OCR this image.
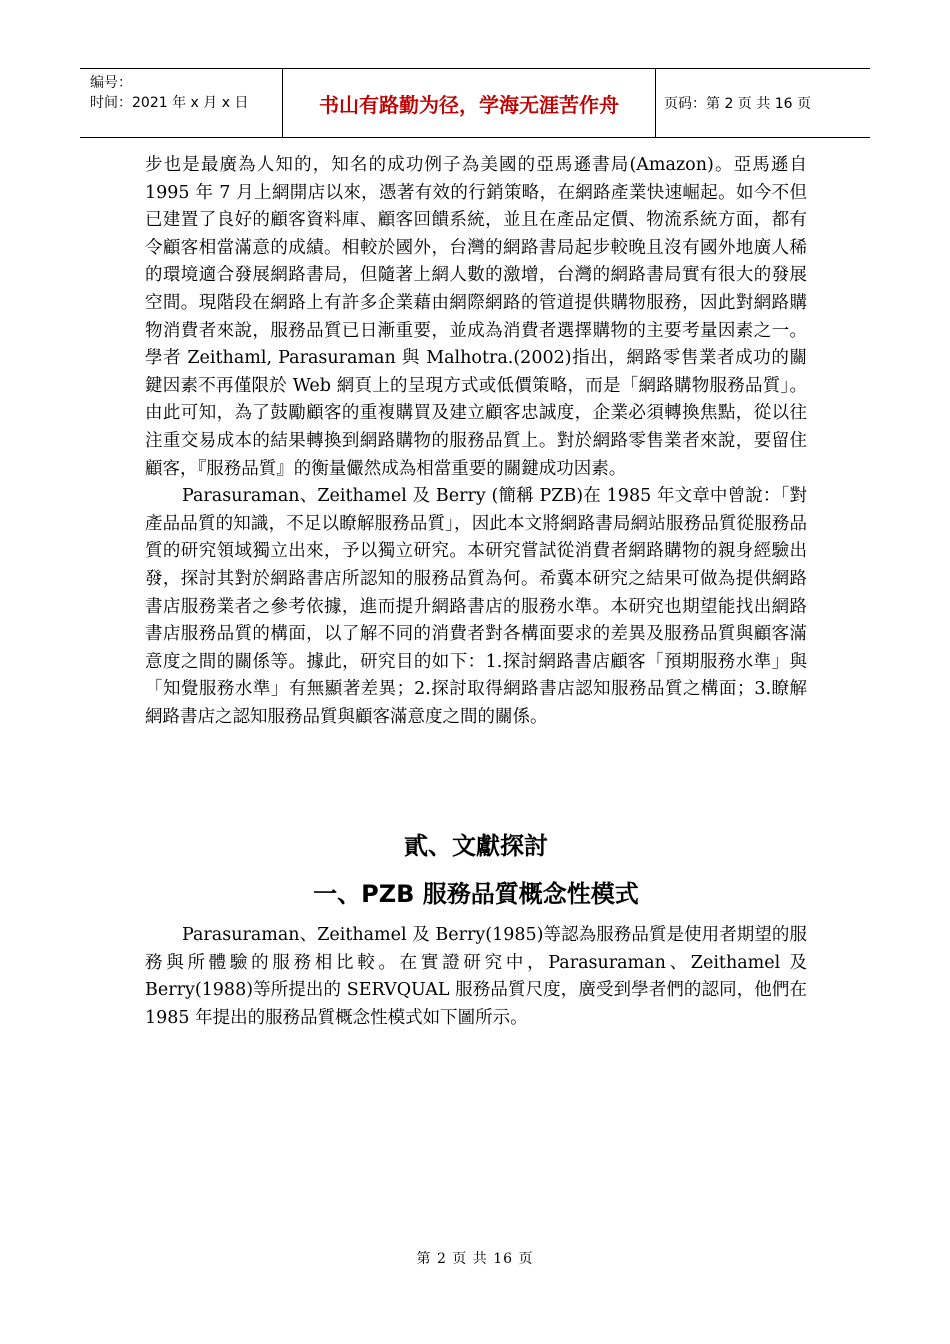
编号：
时间：2021 年 x 月 x 日	书山有路勤为径，学海无涯苦作舟	页码：第 2 页 共 16 页

步也是最廣為人知的，知名的成功例子為美國的亞馬遜書局(Amazon)。亞馬遜自 1995 年 7 月上網開店以來，憑著有效的行銷策略，在網路產業快速崛起。如今不但已建置了良好的顧客資料庫、顧客回饋系統，並且在產品定價、物流系統方面，都有令顧客相當滿意的成績。相較於國外，台灣的網路書局起步較晚且沒有國外地廣人稀的環境適合發展網路書局，但隨著上網人數的激增，台灣的網路書局實有很大的發展空間。現階段在網路上有許多企業藉由網際網路的管道提供購物服務，因此對網路購物消費者來說，服務品質已日漸重要，並成為消費者選擇購物的主要考量因素之一。學者 Zeithaml, Parasuraman 與 Malhotra.(2002)指出，網路零售業者成功的關鍵因素不再僅限於 Web 網頁上的呈現方式或低價策略，而是「網路購物服務品質」。由此可知，為了鼓勵顧客的重複購買及建立顧客忠誠度，企業必須轉換焦點，從以往注重交易成本的結果轉換到網路購物的服務品質上。對於網路零售業者來說，要留住顧客，『服務品質』的衡量儼然成為相當重要的關鍵成功因素。

Parasuraman、Zeithamel 及 Berry (簡稱 PZB)在 1985 年文章中曾說：「對產品品質的知識，不足以瞭解服務品質」，因此本文將網路書局網站服務品質從服務品質的研究領域獨立出來，予以獨立研究。本研究嘗試從消費者網路購物的親身經驗出發，探討其對於網路書店所認知的服務品質為何。希冀本研究之結果可做為提供網路書店服務業者之參考依據，進而提升網路書店的服務水準。本研究也期望能找出網路書店服務品質的構面，以了解不同的消費者對各構面要求的差異及服務品質與顧客滿意度之間的關係等。據此，研究目的如下：1.探討網路書店顧客「預期服務水準」與「知覺服務水準」有無顯著差異；2.探討取得網路書店認知服務品質之構面；3.瞭解網路書店之認知服務品質與顧客滿意度之間的關係。

貳、文獻探討
一、PZB 服務品質概念性模式

Parasuraman、Zeithamel 及 Berry(1985)等認為服務品質是使用者期望的服務與所體驗的服務相比較。在實證研究中，Parasuraman、Zeithamel 及 Berry(1988)等所提出的 SERVQUAL 服務品質尺度，廣受到學者們的認同，他們在 1985 年提出的服務品質概念性模式如下圖所示。

第 2 页 共 16 页
